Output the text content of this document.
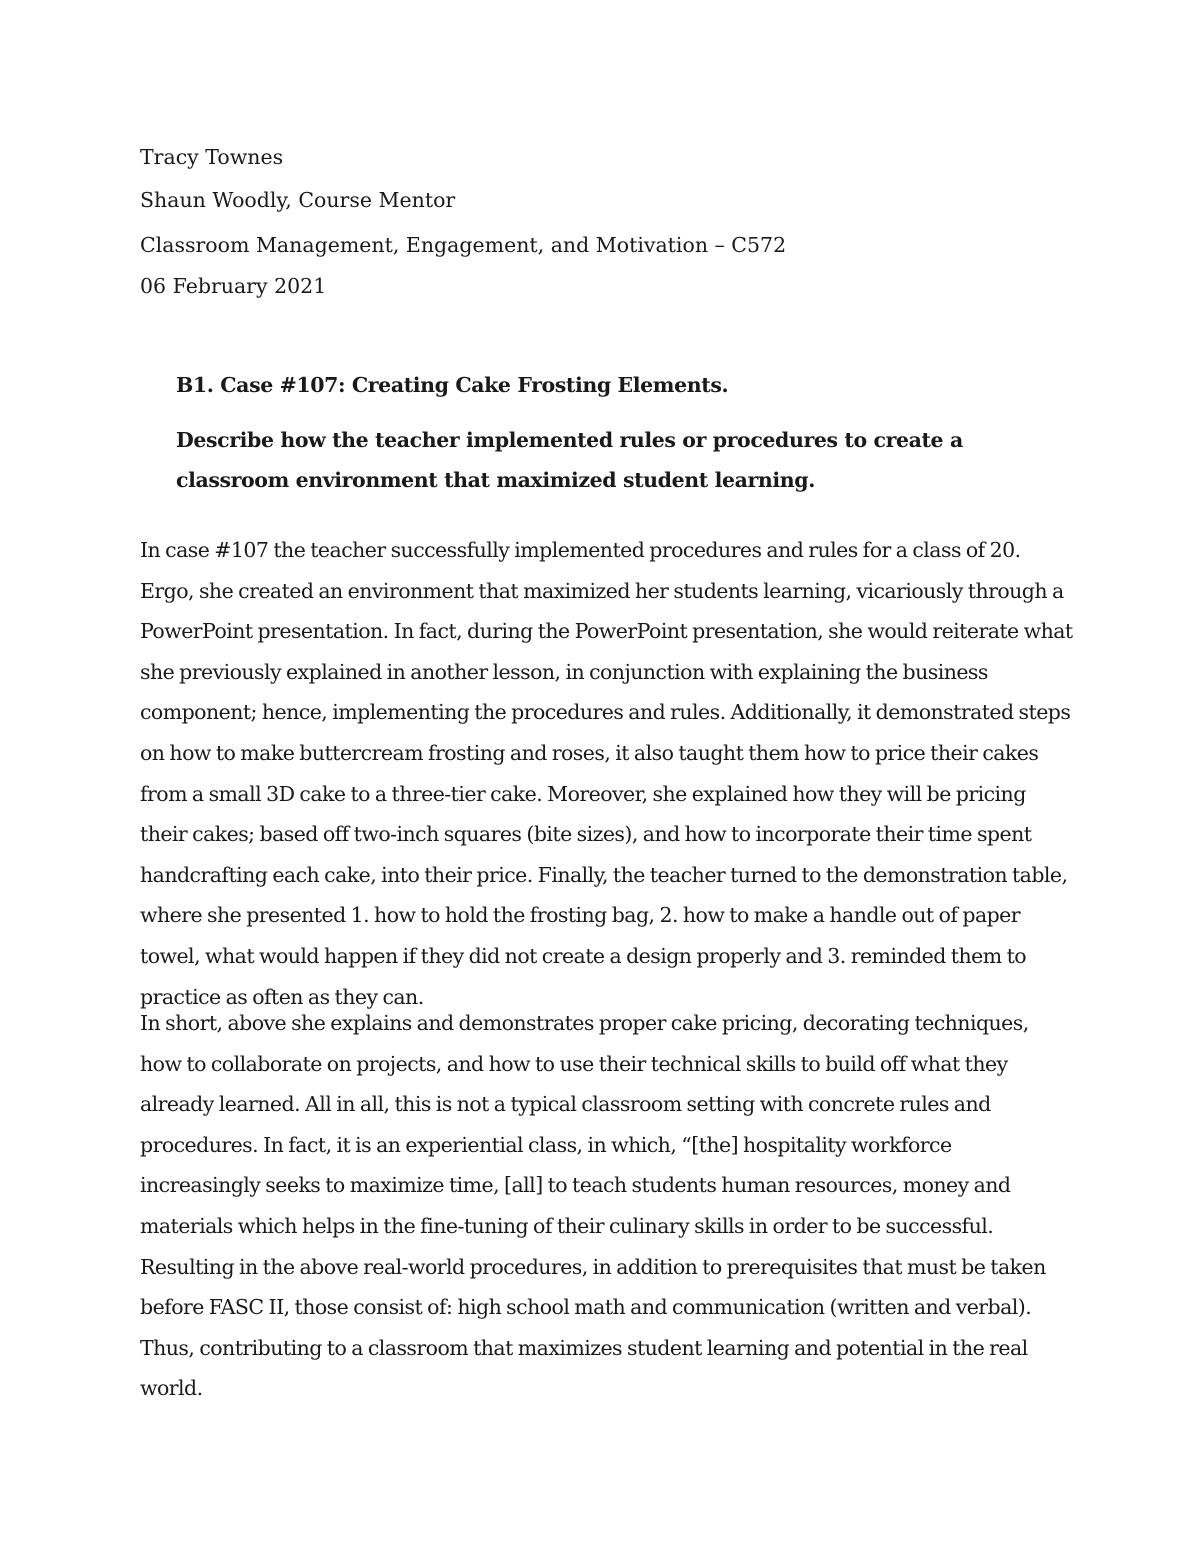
Tracy Townes

Shaun Woodly, Course Mentor

Classroom Management, Engagement, and Motivation – C572

06 February 2021

B1. Case #107: Creating Cake Frosting Elements.

Describe how the teacher implemented rules or procedures to create a classroom environment that maximized student learning.

In case #107 the teacher successfully implemented procedures and rules for a class of 20. Ergo, she created an environment that maximized her students learning, vicariously through a PowerPoint presentation. In fact, during the PowerPoint presentation, she would reiterate what she previously explained in another lesson, in conjunction with explaining the business component; hence, implementing the procedures and rules. Additionally, it demonstrated steps on how to make buttercream frosting and roses, it also taught them how to price their cakes from a small 3D cake to a three-tier cake. Moreover, she explained how they will be pricing their cakes; based off two-inch squares (bite sizes), and how to incorporate their time spent handcrafting each cake, into their price. Finally, the teacher turned to the demonstration table, where she presented 1. how to hold the frosting bag, 2. how to make a handle out of paper towel, what would happen if they did not create a design properly and 3. reminded them to practice as often as they can.

In short, above she explains and demonstrates proper cake pricing, decorating techniques, how to collaborate on projects, and how to use their technical skills to build off what they already learned. All in all, this is not a typical classroom setting with concrete rules and procedures. In fact, it is an experiential class, in which, “[the] hospitality workforce increasingly seeks to maximize time, [all] to teach students human resources, money and materials which helps in the fine-tuning of their culinary skills in order to be successful. Resulting in the above real-world procedures, in addition to prerequisites that must be taken before FASC II, those consist of: high school math and communication (written and verbal). Thus, contributing to a classroom that maximizes student learning and potential in the real world.
